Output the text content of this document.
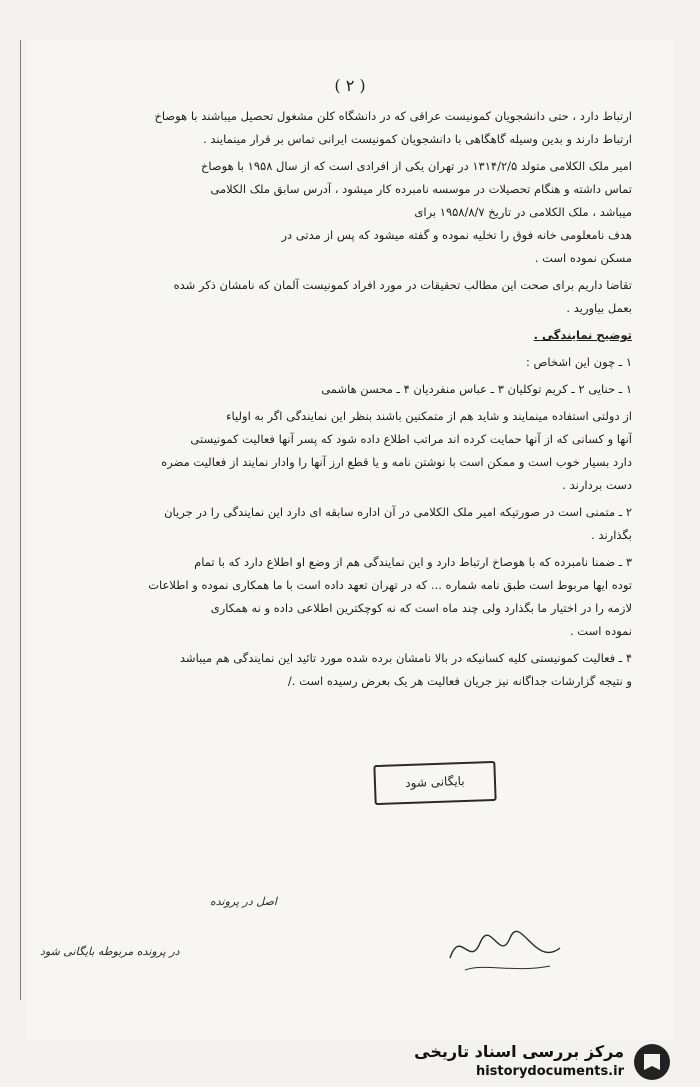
( ۲ )
ارتباط دارد ، حتی دانشجویان کمونیست عراقی که در دانشگاه کلن مشغول تحصیل میباشند با هوصاخ
ارتباط دارند و بدین وسیله گاهگاهی با دانشجویان کمونیست ایرانی تماس بر قرار مینمایند .
امیر ملک الکلامی متولد ۱۳۱۴/۲/۵ در تهران یکی از افرادی است که از سال ۱۹۵۸ با هوصاخ
تماس داشته و هنگام تحصیلات در موسسه نامبرده کار میشود ، آدرس سابق ملک الکلامی
میباشد ، ملک الکلامی در تاریخ ۱۹۵۸/۸/۷ برای
هدف نامعلومی خانه فوق را تخلیه نموده و گفته میشود که پس از مدتی در
مسکن نموده است .
تقاضا داریم برای صحت این مطالب تحقیقات در مورد افراد کمونیست آلمان که نامشان ذکر شده
بعمل بیاورید .
توضیح نمایندگی .
۱ ـ چون این اشخاص :
۱ ـ حنایی ۲ ـ کریم توکلیان ۳ ـ عباس منفردیان ۴ ـ محسن هاشمی
از دولتی استفاده مینمایند و شاید هم از متمکنین باشند بنظر این نمایندگی اگر به اولیاء
آنها و کسانی که از آنها حمایت کرده اند مراتب اطلاع داده شود که پسر آنها فعالیت کمونیستی
دارد بسیار خوب است و ممکن است با نوشتن نامه و یا قطع ارز آنها را وادار نمایند از فعالیت مضره
دست بردارند .
۲ ـ متمنی است در صورتیکه امیر ملک الکلامی در آن اداره سابقه ای دارد این نمایندگی را در جریان
بگذارند .
۳ ـ ضمنا نامبرده که با هوصاخ ارتباط دارد و این نمایندگی هم از وضع او اطلاع دارد که با تمام
توده ایها مربوط است طبق نامه شماره ... که در تهران تعهد داده است با ما همکاری نموده و اطلاعات
لازمه را در اختیار ما بگذارد ولی چند ماه است که نه کوچکترین اطلاعی داده و نه همکاری
نموده است .
۴ ـ فعالیت کمونیستی کلیه کسانیکه در بالا نامشان برده شده مورد تائید این نمایندگی هم میباشد
و نتیجه گزارشات جداگانه نیز جریان فعالیت هر یک بعرض رسیده است ./
بایگانی شود
اصل در پرونده
در پرونده مربوطه بایگانی شود
مرکز بررسی اسناد تاریخی
historydocuments.ir
